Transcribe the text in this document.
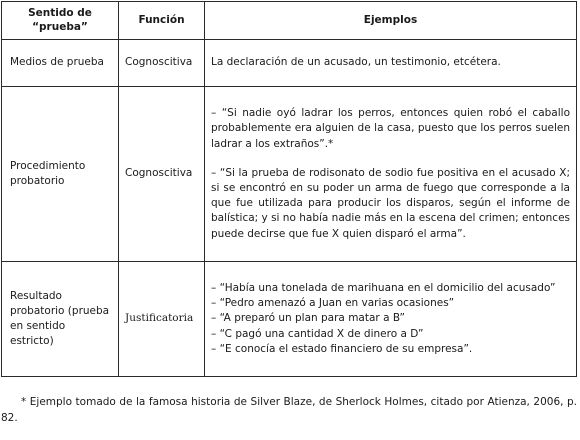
Sentido de “prueba”	Función	Ejemplos
Medios de prueba	Cognoscitiva	La declaración de un acusado, un testimonio, etcétera.

Procedimiento probatorio	Cognoscitiva	– “Si nadie oyó ladrar los perros, entonces quien robó el caballo probablemente era alguien de la casa, puesto que los perros suelen ladrar a los extraños”.*

– “Si la prueba de rodisonato de sodio fue positiva en el acusado X; si se encontró en su poder un arma de fuego que corresponde a la que fue utilizada para producir los disparos, según el informe de balística; y si no había nadie más en la escena del crimen; entonces puede decirse que fue X quien disparó el arma”.

Resultado probatorio (prueba en sentido estricto)	Justificatoria	– “Había una tonelada de marihuana en el domicilio del acusado”

– “Pedro amenazó a Juan en varias ocasiones”

– “A preparó un plan para matar a B”

– “C pagó una cantidad X de dinero a D”

– “E conocía el estado financiero de su empresa”.

* Ejemplo tomado de la famosa historia de Silver Blaze, de Sherlock Holmes, citado por Atienza, 2006, p. 82.
